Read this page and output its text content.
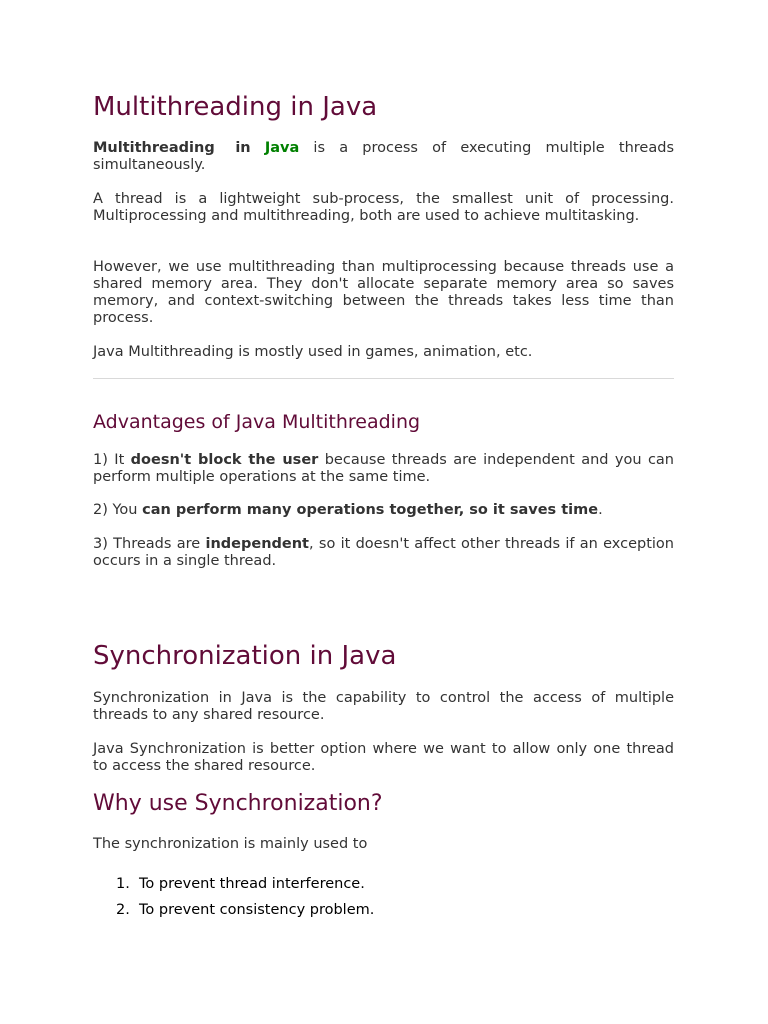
Multithreading in Java

Multithreading in Java is a process of executing multiple threads simultaneously.

A thread is a lightweight sub-process, the smallest unit of processing. Multiprocessing and multithreading, both are used to achieve multitasking.

However, we use multithreading than multiprocessing because threads use a shared memory area. They don't allocate separate memory area so saves memory, and context-switching between the threads takes less time than process.

Java Multithreading is mostly used in games, animation, etc.

Advantages of Java Multithreading

1) It doesn't block the user because threads are independent and you can perform multiple operations at the same time.

2) You can perform many operations together, so it saves time.

3) Threads are independent, so it doesn't affect other threads if an exception occurs in a single thread.

Synchronization in Java

Synchronization in Java is the capability to control the access of multiple threads to any shared resource.

Java Synchronization is better option where we want to allow only one thread to access the shared resource.

Why use Synchronization?

The synchronization is mainly used to

1. To prevent thread interference.
2. To prevent consistency problem.
